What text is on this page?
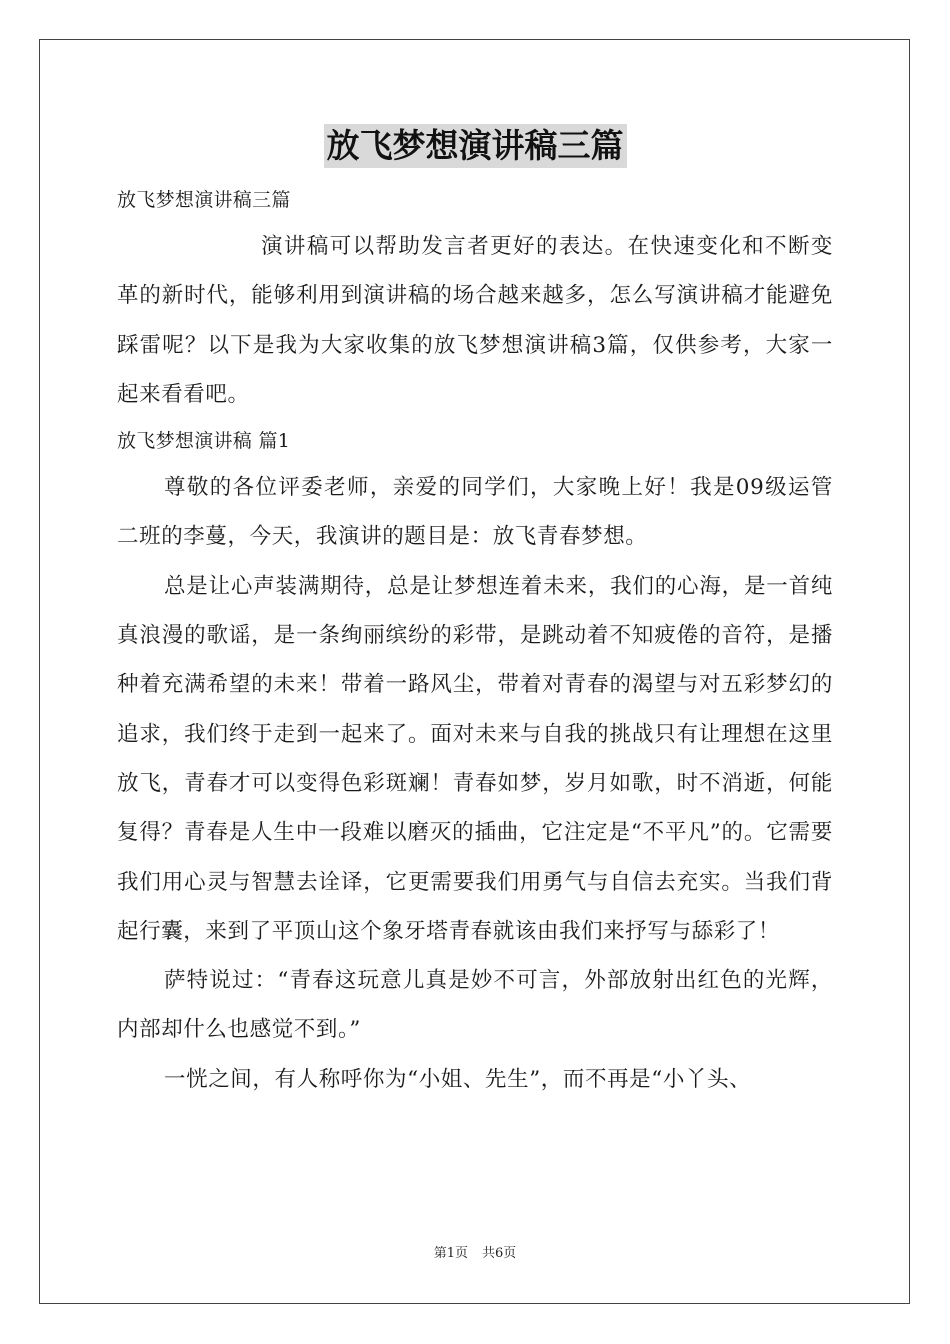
放飞梦想演讲稿三篇

放飞梦想演讲稿三篇

演讲稿可以帮助发言者更好的表达。在快速变化和不断变革的新时代，能够利用到演讲稿的场合越来越多，怎么写演讲稿才能避免踩雷呢？以下是我为大家收集的放飞梦想演讲稿3篇，仅供参考，大家一起来看看吧。

放飞梦想演讲稿 篇1

尊敬的各位评委老师，亲爱的同学们，大家晚上好！我是09级运管二班的李蔓，今天，我演讲的题目是：放飞青春梦想。

总是让心声装满期待，总是让梦想连着未来，我们的心海，是一首纯真浪漫的歌谣，是一条绚丽缤纷的彩带，是跳动着不知疲倦的音符，是播种着充满希望的未来！带着一路风尘，带着对青春的渴望与对五彩梦幻的追求，我们终于走到一起来了。面对未来与自我的挑战只有让理想在这里放飞，青春才可以变得色彩斑斓！青春如梦，岁月如歌，时不消逝，何能复得？青春是人生中一段难以磨灭的插曲，它注定是“不平凡”的。它需要我们用心灵与智慧去诠译，它更需要我们用勇气与自信去充实。当我们背起行囊，来到了平顶山这个象牙塔青春就该由我们来抒写与舔彩了！

萨特说过：“青春这玩意儿真是妙不可言，外部放射出红色的光辉，内部却什么也感觉不到。”

一恍之间，有人称呼你为“小姐、先生”，而不再是“小丫头、

第1页 共6页
